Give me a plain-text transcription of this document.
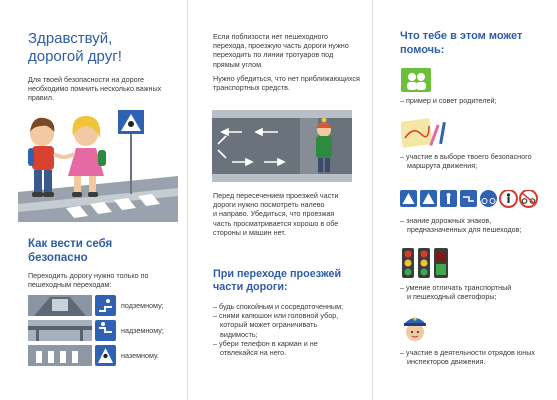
Здравствуй,
дорогой друг!
Для твоей безопасности на дороге
необходимо помнить несколько важных
правил.
Как вести себя
безопасно
Переходить дорогу нужно только по
пешеходным переходам:
подземному;
надземному;
наземному.
Если поблизости нет пешеходного
перехода, проезжую часть дороги нужно
переходить по линии тротуаров под
прямым углом.
Нужно убедиться, что нет приближающихся
транспортных средств.
Перед пересечением проезжей части
дороги нужно посмотреть налево
и направо. Убедиться, что проезжая
часть просматривается хорошо в обе
стороны и машин нет.
При переходе проезжей
части дороги:
– будь спокойным и сосредоточенным;
– сними капюшон или головной убор,
который может ограничивать
видимость;
– убери телефон в карман и не
отвлекайся на него.
Что тебе в этом может
помочь:
– пример и совет родителей;
– участие в выборе твоего безопасного
маршрута движения;
– знание дорожных знаков,
предназначенных для пешеходов;
– умение отличать транспортный
и пешеходный светофоры;
– участие в деятельности отрядов юных
инспекторов движения.
